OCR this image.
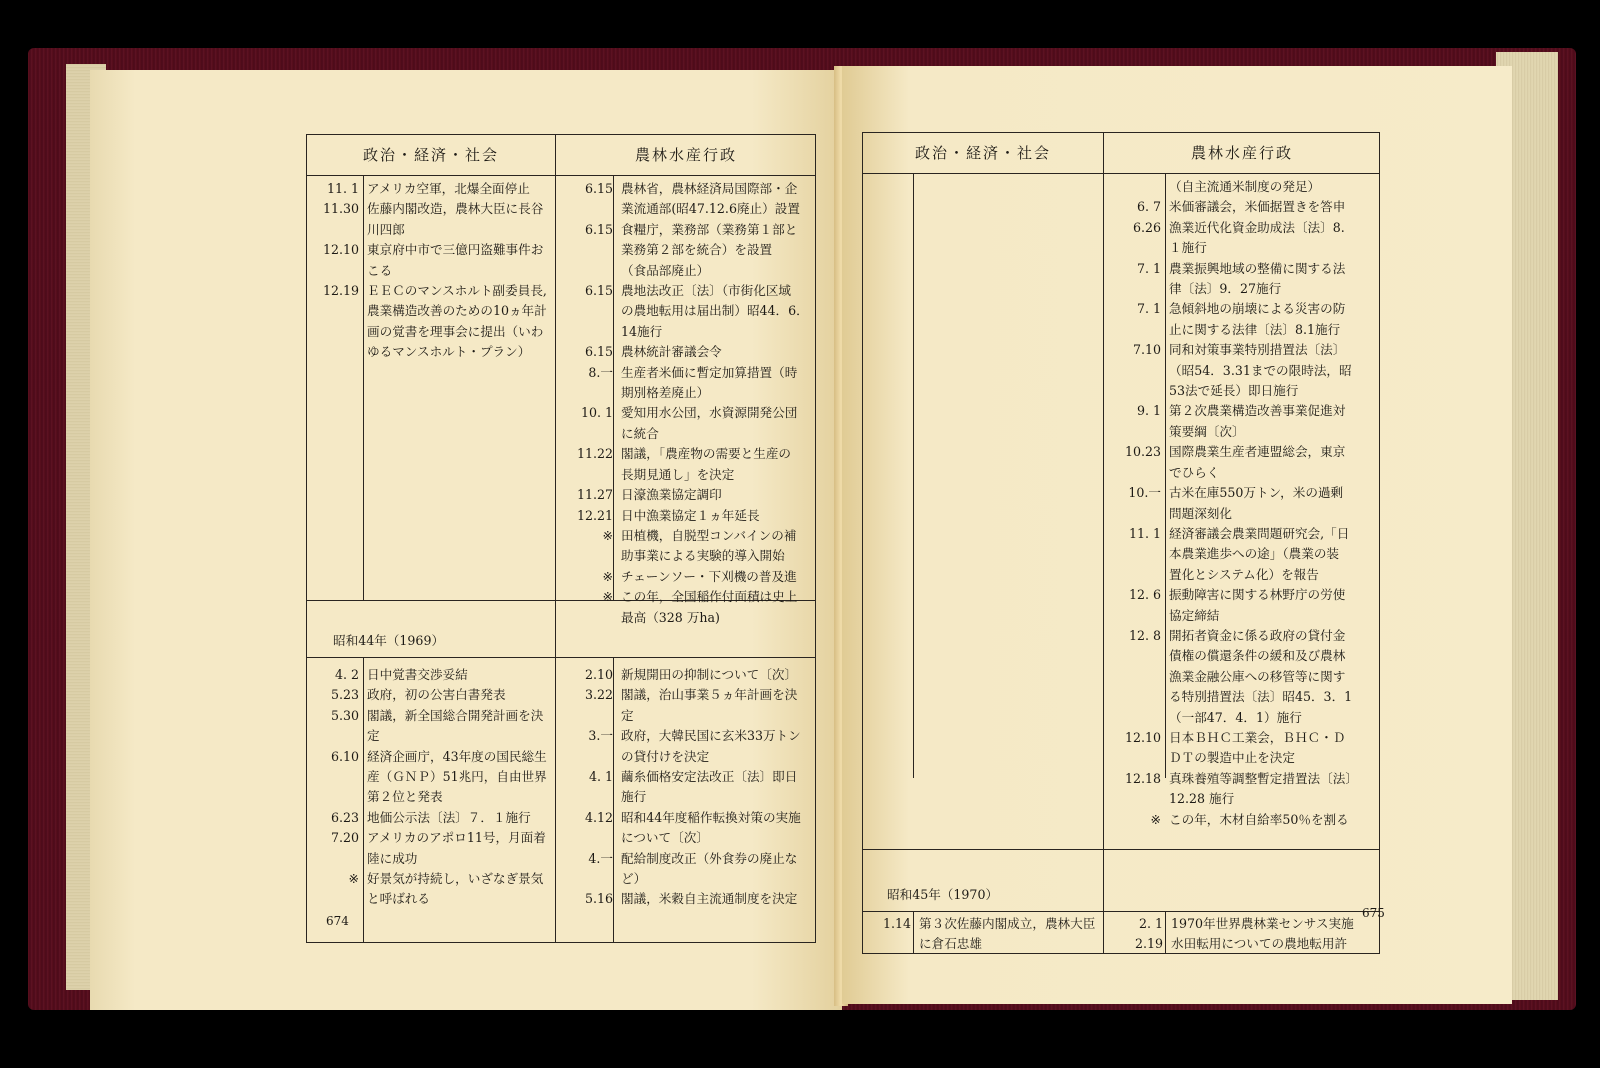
政治・経済・社会	農林水産行政
昭和44年（1969）
11. 1 アメリカ空軍，北爆全面停止
11.30 佐藤内閣改造，農林大臣に長谷
川四郎
12.10 東京府中市で三億円盗難事件お
こる
12.19 ＥＥＣのマンスホルト副委員長,
農業構造改善のための10ヵ年計
画の覚書を理事会に提出（いわ
ゆるマンスホルト・プラン）
6.15 農林省，農林経済局国際部・企
業流通部(昭47.12.6廃止）設置
6.15 食糧庁，業務部（業務第１部と
業務第２部を統合）を設置
（食品部廃止）
6.15 農地法改正〔法〕（市街化区域
の農地転用は届出制）昭44．6．
14施行
6.15 農林統計審議会令
8.一 生産者米価に暫定加算措置（時
期別格差廃止）
10. 1 愛知用水公団，水資源開発公団
に統合
11.22 閣議，「農産物の需要と生産の
長期見通し」を決定
11.27 日濠漁業協定調印
12.21 日中漁業協定１ヵ年延長
※ 田植機，自脱型コンバインの補
助事業による実験的導入開始
※ チェーンソー・下刈機の普及進
※ この年，全国稲作付面積は史上
最高（328 万ha)
4. 2 日中覚書交渉妥結
5.23 政府，初の公害白書発表
5.30 閣議，新全国総合開発計画を決
定
6.10 経済企画庁，43年度の国民総生
産（ＧＮＰ）51兆円，自由世界
第２位と発表
6.23 地価公示法〔法〕７．１施行
7.20 アメリカのアポロ11号，月面着
陸に成功
※ 好景気が持続し，いざなぎ景気
と呼ばれる
2.10 新規開田の抑制について〔次〕
3.22 閣議，治山事業５ヵ年計画を決
定
3.一 政府，大韓民国に玄米33万トン
の貸付けを決定
4. 1 繭糸価格安定法改正〔法〕即日
施行
4.12 昭和44年度稲作転換対策の実施
について〔次〕
4.一 配給制度改正（外食券の廃止な
ど）
5.16 閣議，米穀自主流通制度を決定
674
政治・経済・社会	農林水産行政
昭和45年（1970）
（自主流通米制度の発足）
6. 7 米価審議会，米価据置きを答申
6.26 漁業近代化資金助成法〔法〕8.
１施行
7. 1 農業振興地域の整備に関する法
律〔法〕9．27施行
7. 1 急傾斜地の崩壊による災害の防
止に関する法律〔法〕8.1施行
7.10 同和対策事業特別措置法〔法〕
（昭54．3.31までの限時法，昭
53法で延長）即日施行
9. 1 第２次農業構造改善事業促進対
策要綱〔次〕
10.23 国際農業生産者連盟総会，東京
でひらく
10.一 古米在庫550万トン，米の過剰
問題深刻化
11. 1 経済審議会農業問題研究会,「日
本農業進歩への途」（農業の装
置化とシステム化）を報告
12. 6 振動障害に関する林野庁の労使
協定締結
12. 8 開拓者資金に係る政府の貸付金
債権の償還条件の緩和及び農林
漁業金融公庫への移管等に関す
る特別措置法〔法〕昭45．3．1
（一部47．4．1）施行
12.10 日本ＢＨＣ工業会，ＢＨＣ・Ｄ
ＤＴの製造中止を決定
12.18 真珠養殖等調整暫定措置法〔法〕
12.28 施行
※ この年，木材自給率50％を割る
1.14 第３次佐藤内閣成立，農林大臣
に倉石忠雄
2. 1 1970年世界農林業センサス実施
2.19 水田転用についての農地転用許
675
